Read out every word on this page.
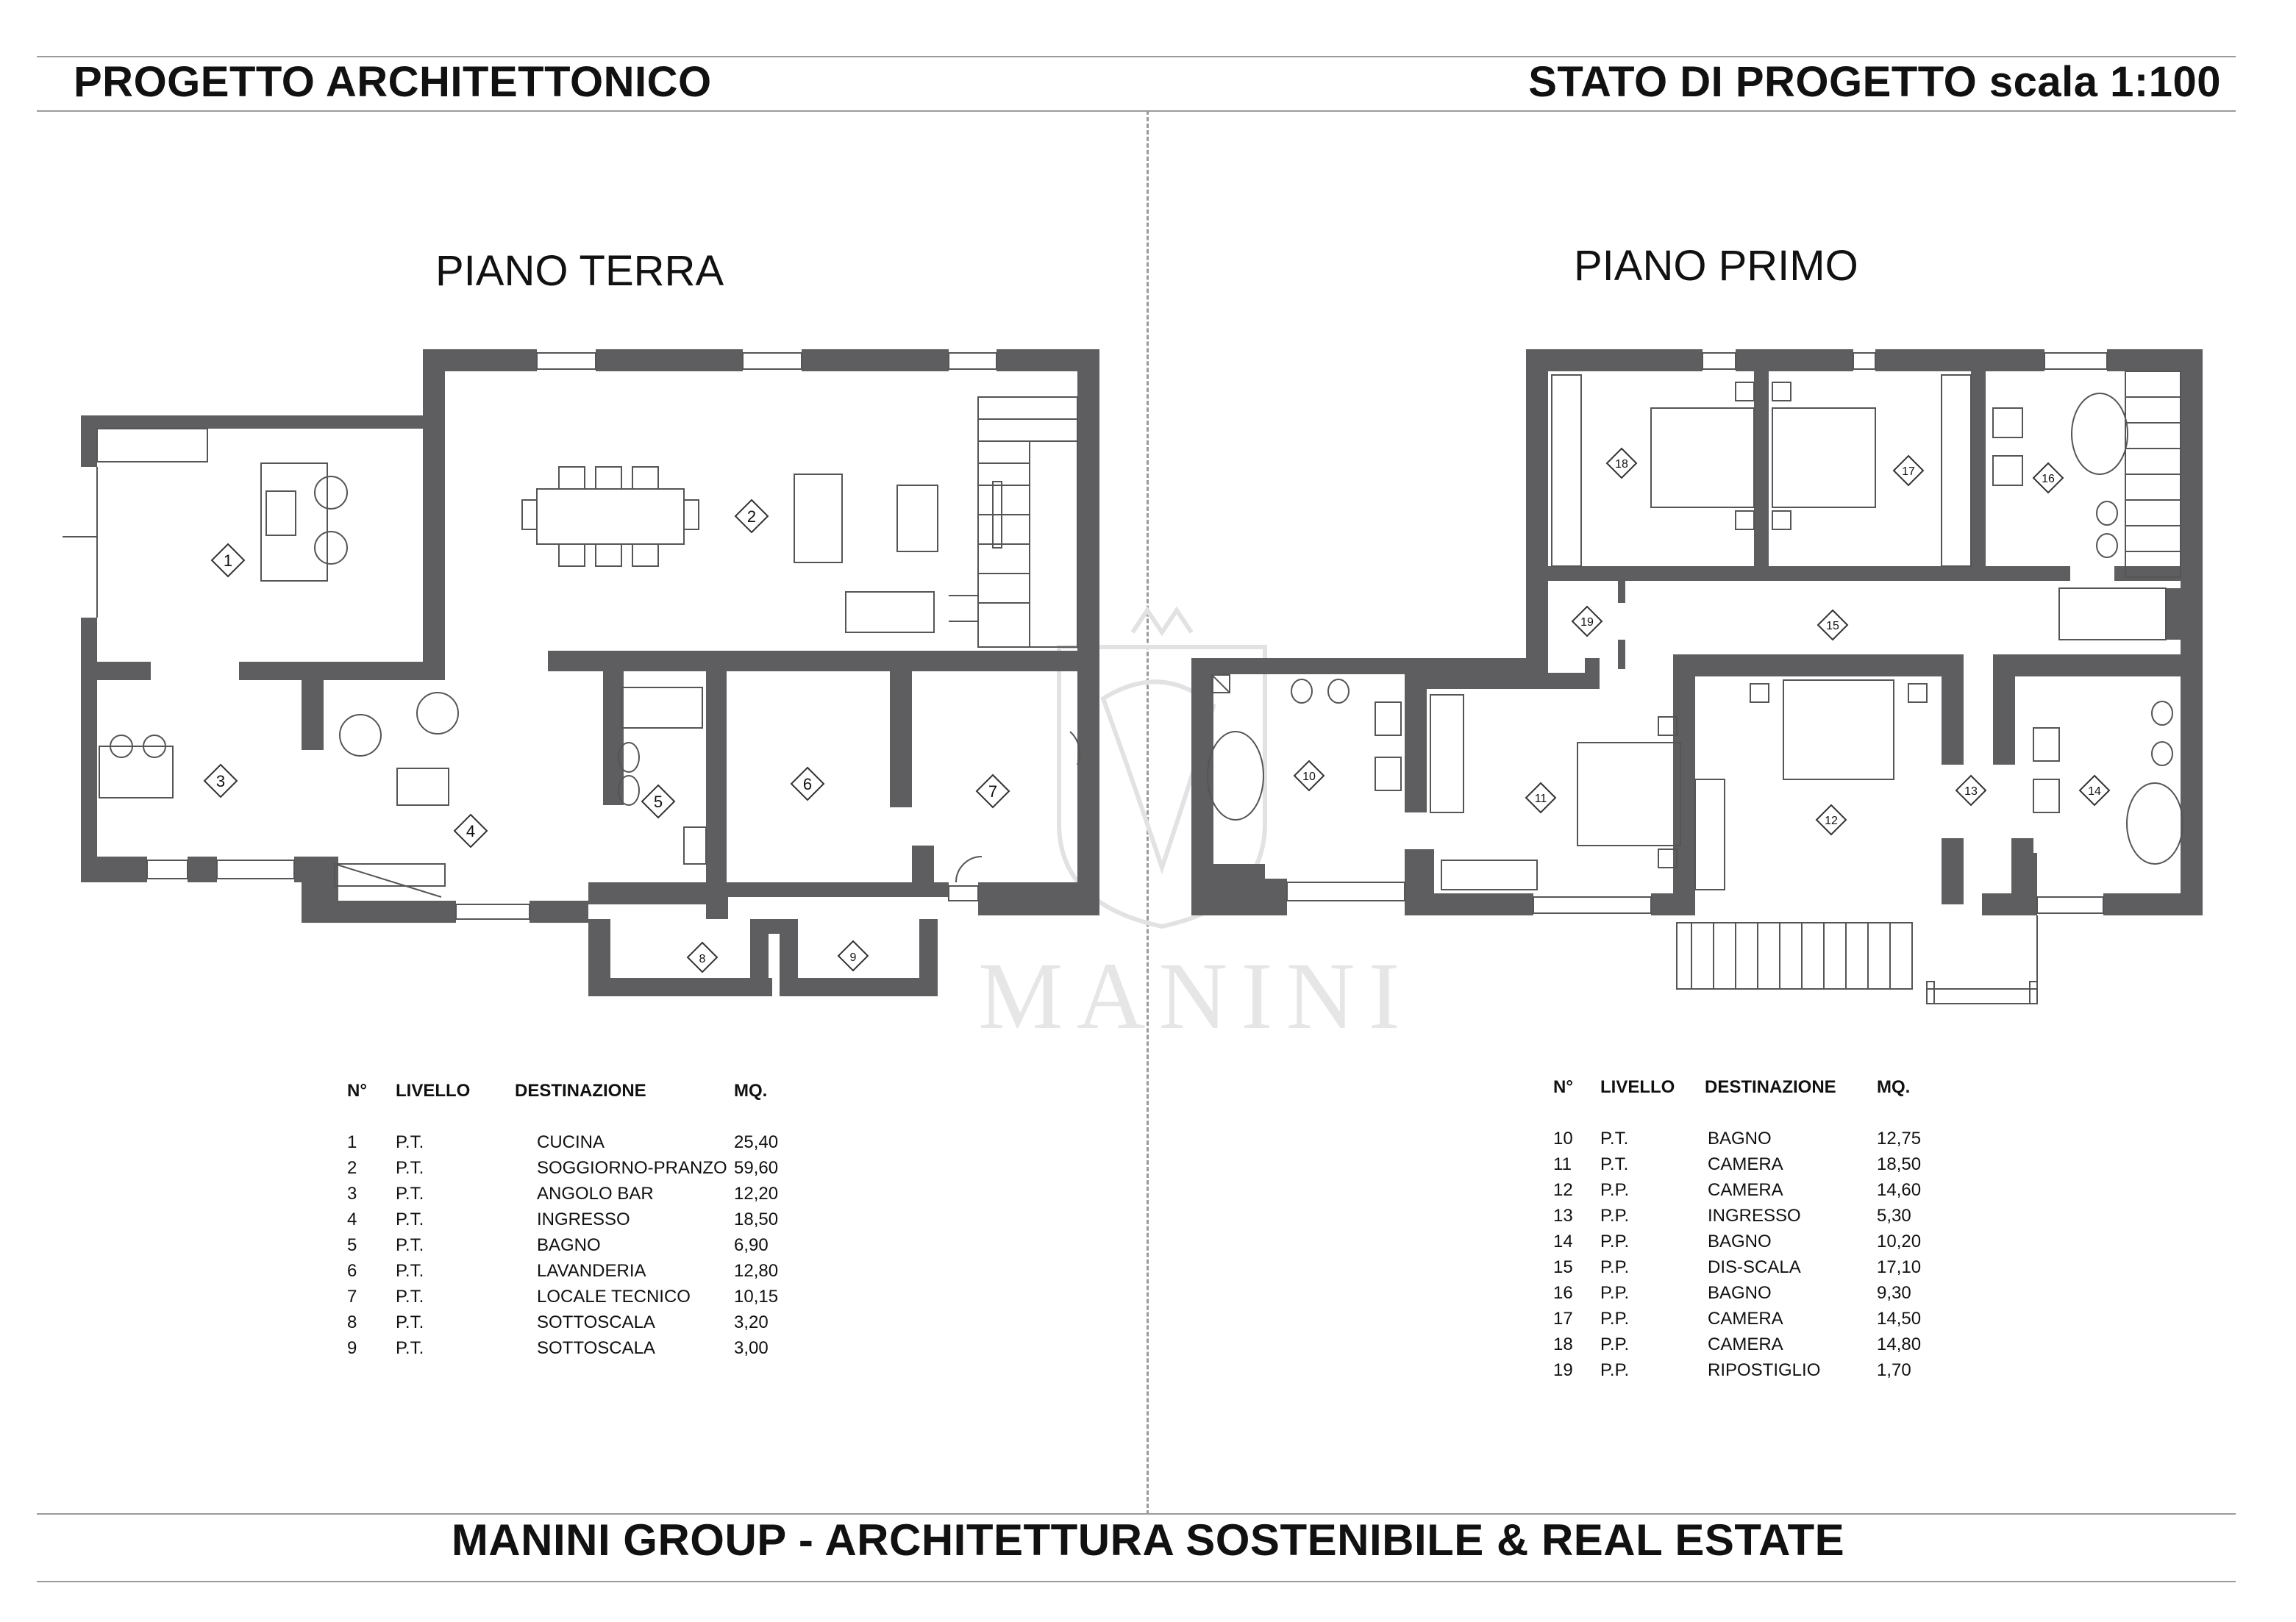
PROGETTO ARCHITETTONICO	STATO DI PROGETTO scala 1:100
PIANO TERRA	PIANO PRIMO
MANINI
1
2
3
4
5
6	7
8	9
10
11
12
13	14
15
16
17
18
19
N°	LIVELLO	DESTINAZIONE	MQ.
1	P.T.	CUCINA	25,40
2	P.T.	SOGGIORNO-PRANZO	59,60
3	P.T.	ANGOLO BAR	12,20
4	P.T.	INGRESSO	18,50
5	P.T.	BAGNO	6,90
6	P.T.	LAVANDERIA	12,80
7	P.T.	LOCALE TECNICO	10,15
8	P.T.	SOTTOSCALA	3,20
9	P.T.	SOTTOSCALA	3,00
N°	LIVELLO	DESTINAZIONE	MQ.
10	P.T.	BAGNO	12,75
11	P.T.	CAMERA	18,50
12	P.P.	CAMERA	14,60
13	P.P.	INGRESSO	5,30
14	P.P.	BAGNO	10,20
15	P.P.	DIS-SCALA	17,10
16	P.P.	BAGNO	9,30
17	P.P.	CAMERA	14,50
18	P.P.	CAMERA	14,80
19	P.P.	RIPOSTIGLIO	1,70
MANINI GROUP - ARCHITETTURA SOSTENIBILE & REAL ESTATE
